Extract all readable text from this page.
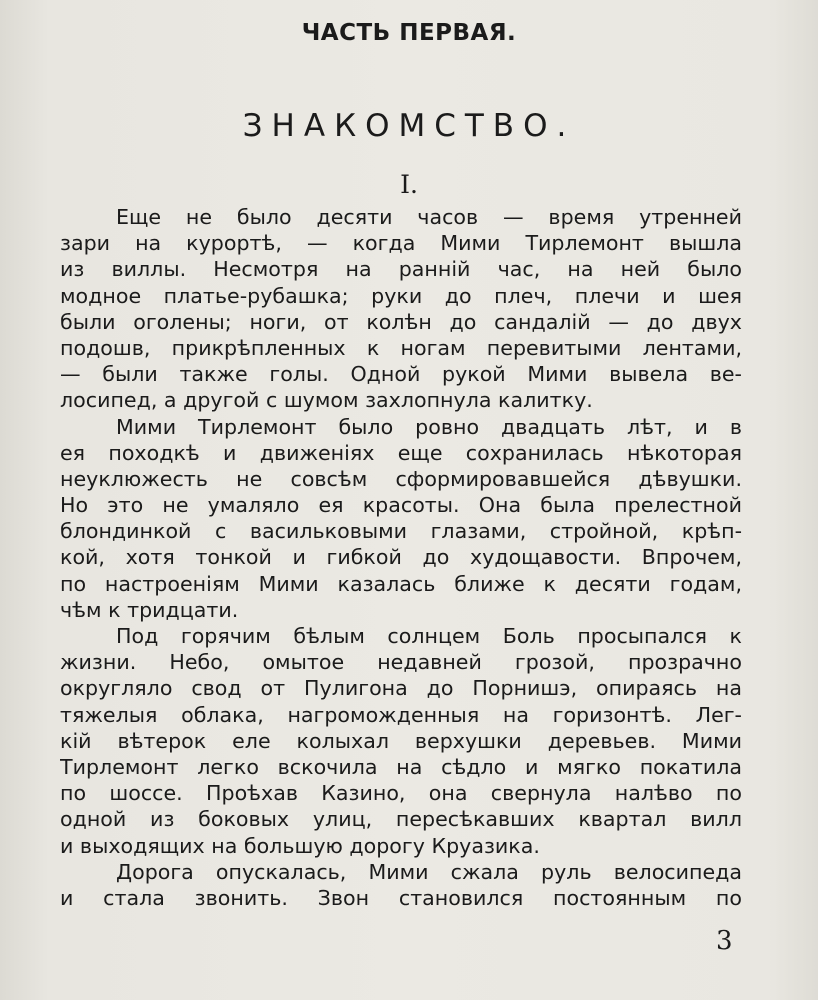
ЧАСТЬ ПЕРВАЯ.
ЗНАКОМСТВО.
I.
Еще не было десяти часов — время утренней
зари на курортѣ, — когда Мими Тирлемонт вышла
из виллы. Несмотря на раннiй час, на ней было
модное платье-рубашка; руки до плеч, плечи и шея
были оголены; ноги, от колѣн до сандалiй — до двух
подошв, прикрѣпленных к ногам перевитыми лентами,
— были также голы. Одной рукой Мими вывела ве-
лосипед, а другой с шумом захлопнула калитку.
Мими Тирлемонт было ровно двадцать лѣт, и в
ея походкѣ и движенiях еще сохранилась нѣкоторая
неуклюжесть не совсѣм сформировавшейся дѣвушки.
Но это не умаляло ея красоты. Она была прелестной
блондинкой с васильковыми глазами, стройной, крѣп-
кой, хотя тонкой и гибкой до худощавости. Впрочем,
по настроенiям Мими казалась ближе к десяти годам,
чѣм к тридцати.
Под горячим бѣлым солнцем Боль просыпался к
жизни. Небо, омытое недавней грозой, прозрачно
округляло свод от Пулигона до Порнишэ, опираясь на
тяжелыя облака, нагроможденныя на горизонтѣ. Лег-
кiй вѣтерок еле колыхал верхушки деревьев. Мими
Тирлемонт легко вскочила на сѣдло и мягко покатила
по шоссе. Проѣхав Казино, она свернула налѣво по
одной из боковых улиц, пересѣкавших квартал вилл
и выходящих на большую дорогу Круазика.
Дорога опускалась, Мими сжала руль велосипеда
и стала звонить. Звон становился постоянным по
3
